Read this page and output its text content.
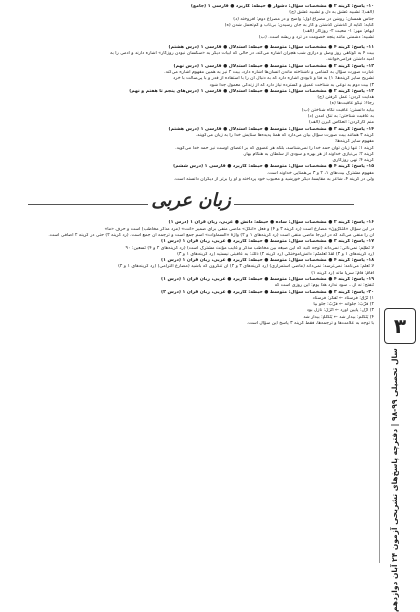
۱۰- پاسخ: گزینه ۲ ● مشخصات سؤال: دشوار ● حیطه: کاربرد ● فارسی ۱ (جامع)
(الف): تشبیه عشق به دل و تشبیه عشق (ج)
جناس همسان: روشن در مصراع اول: واضح و در مصراع دوم: افروخته (د)
کنایه: کنایه از گذشتن گذشتن و کار به جان رسیدن: بی‌تاب و کم‌تحمل شدن (ه)
ایهام: مهر: ۱- محبت ۲- روزگار (الف)
تشبیه: دشمنی مانند پنجه خصومت در ترد و ربشه است. (ب)
۱۱- پاسخ: گزینه ۴ ● مشخصات سؤال: متوسط ● حیطه: استدلال ● فارسی ۱ (درس هشتم)
بیت ۴ به کوتاهی روز وصل و درازی شب هجران اشاره می‌کند، در حالی که ابیات دیگر به «سکسان نبودن روزگار» اشاره دارند و آدمی را به
امید داشتن فرامی‌خوانند.
۱۲- پاسخ: گزینه ۲ ● مشخصات سؤال: متوسط ● حیطه: استدلال ● فارسی ۱ (درس نهم)
عبارت صورت سؤال به گمنامی و ناشناخته ماندن انسان‌ها اشاره دارد، بیت ۲ نیز به همین مفهوم اشاره می‌کند.
تشریح سایر گزینه‌ها: ۱) به فنا و نابودی اشاره دارد که به دنبال آن را با استفاده از قدر و با پی‌سالت با خرد
۳) بیت دوم به نوعی به شناخت عمیق و گسترده نیاز دارد که از زندگی معمول جدا شود
۱۳- پاسخ: گزینه ۲ ● مشخصات سؤال: متوسط ● حیطه: استدلال ● فارسی ۱ (درس‌های پنجم تا هفتم و نهم)
هدایت کردن: عمل گرفتن (ج)
رجاء: نیکو عاقبت‌ها (ه)
بیاید دانستن: عاقبت نگاه شناختن (ب)
به عاقبت شناختن: به تنگ آمدن (د)
منم کارگردن: انعکاس گیرن (الف)
۱۴- پاسخ: گزینه ۳ ● مشخصات سؤال: متوسط ● حیطه: استدلال ● فارسی ۱ (درس هشتم)
گزینه ۳ همانند بیت صورت سؤال بیان می‌دارد که همهٔ پدیده‌ها ستایش خدا را به زبان می‌گویند.
مفهوم سایر گزینه‌ها:
گزینه ۱: تنها زبان توان حمد خدا را نمی‌شناسد، بلکه هر عضوی که بر اعضای اوست نیز حمد خدا می‌گوید.
گزینه ۲: بی‌نیازی خداوند از هر بهره و سودی از سلطان به هنگام بهار.
گزینه ۴: نهی روزگاری
۱۵- پاسخ: گزینه ۴ ● مشخصات سؤال: متوسط ● حیطه: کاربرد ● فارسی ۱ (درس ششم)
مفهوم مشترک بیت‌های ۱، ۲ و ۳ بی‌همتایی خداوند است.
ولی در گزینه ۴، شاعر به مقایسهٔ دیگر خورشید و محبوب خود پرداخته و او را برتر از دیگران دانسته است.
زبان عربی
۱۶- پاسخ: گزینه ۲ ● مشخصات سؤال: ساده ● حیطه: دانش ● عربی، زبان قرآن ۱ (درس ۱)
در این سؤال «مُنَكَّرُونَ» مضارع است (رد گزینه ۳ و ۴) و فعل «أنكَلَ» ماضی منفی برای ضمیر «أنت» (مرد مذکر مخاطب) است و حرف «ما»
آن را منفی می‌کند که در این‌جا ماضی منفی است (رد گزینه‌های ۱ و ۲) واژهٔ «السماوات» اسم جمع است و ترجمه آن جمع است. (رد گزینه ۲) حتی در گزینه ۲ اضافی است.
۱۷- پاسخ: گزینه ۳ ● مشخصات سؤال: متوسط ● حیطه: کاربرد ● عربی، زبان قرآن ۱ (درس ۱)
لا تَظلِم: نمی‌ناتی: نمی‌داند (توجه کنید که این صیغه بین مخاطب مذکر و غایب مؤنث مشترک است) (رد گزینه‌های ۲ و ۴) ثَسعین: ۹۰
(رد گزینه‌های ۱ و ۳) لَقَدْ تَعلّمتُم: دانش‌آموختگی (رد گزینه ۲) ذٰلكَ: به عاقبتی نیستید (رد گزینه‌های ۱ و ۳)
۱۸- پاسخ: گزینه ۴ ● مشخصات سؤال: متوسط ● حیطه: کاربرد ● عربی، زبان قرآن ۱ (درس ۱)
لا تَعلَم: می‌نامد: نمی‌ترسد: نمی‌داند (ماضی استمراری) (رد گزینه‌های ۳ و ۲) آن تنکرون که باشید (مضارع التزامی) (رد گزینه‌های ۱ و ۲)
أَقامَ: قامَ: سرپا ماند (رد گزینه ۱)
۱۹- پاسخ: گزینه ۴ ● مشخصات سؤال: متوسط ● حیطه: کاربرد ● عربی، زبان قرآن ۱ (درس ۱)
تَنفتح: نه از... سود ندارد هذا یوم: این روزی است که
۲۰- پاسخ: گزینه ۳ ● مشخصات سؤال: متوسط ● حیطه: کاربرد ● عربی، زبان قرآن ۱ (درس ۲)
۱) ثُرِّق: فرستاد ← تَفكِّر: فرستاد
۲) قَرَّبَ: جلوانه ← قَرَّبُ: جلو بیا
۳) أَزْل: پایین آورد ← أَنْزَلَ: نازل بود
۴) يَتَكَلَّم: بيدار شد ← يَتَكَلَّمُ: بيدار شد
با توجه به علامت‌ها و ترجمه‌ها، فقط گزینه ۳ پاسخ این سؤال است. ۳
سال تحصیلی ۹۹-۹۸ | دفترچه پاسخ‌های تشریحی آزمون ۲۴ آبان دوازدهم
